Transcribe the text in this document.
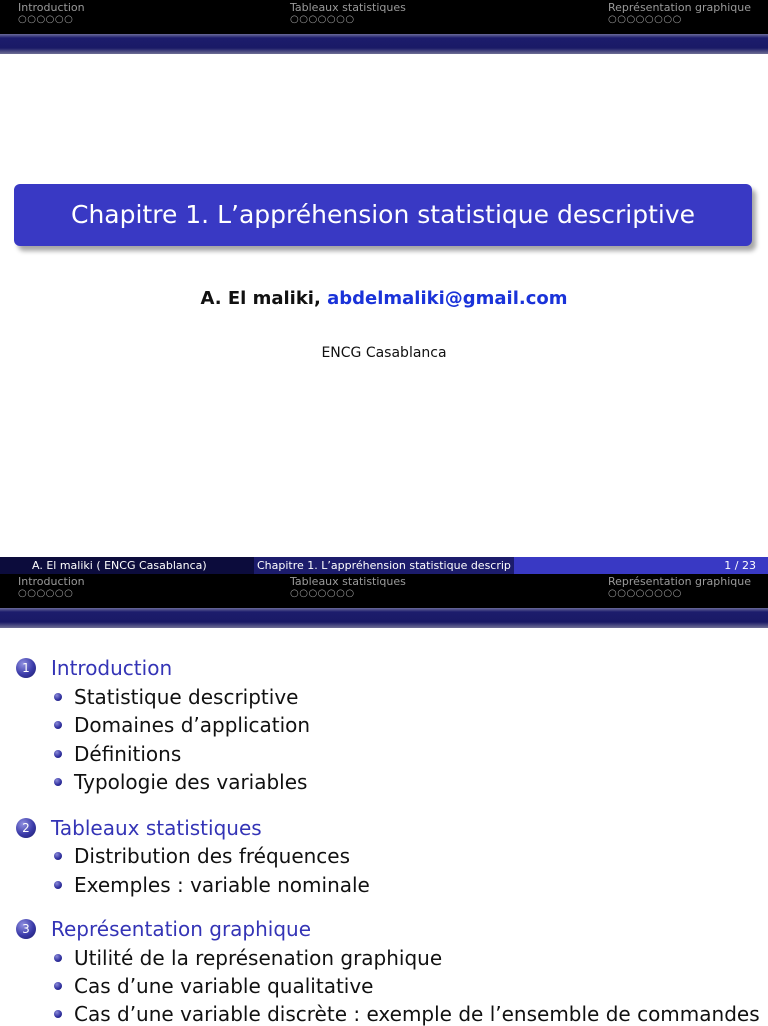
Introduction
○○○○○○
Tableaux statistiques
○○○○○○○
Représentation graphique
○○○○○○○○
Chapitre 1. L’appréhension statistique descriptive
A. El maliki, abdelmaliki@gmail.com
ENCG Casablanca
A. El maliki ( ENCG Casablanca)	Chapitre 1. L’appréhension statistique descrip	1 / 23
Introduction
○○○○○○
Tableaux statistiques
○○○○○○○
Représentation graphique
○○○○○○○○
1	Introduction
Statistique descriptive
Domaines d’application
Définitions
Typologie des variables
2	Tableaux statistiques
Distribution des fréquences
Exemples : variable nominale
3	Représentation graphique
Utilité de la représenation graphique
Cas d’une variable qualitative
Cas d’une variable discrète : exemple de l’ensemble de commandes
